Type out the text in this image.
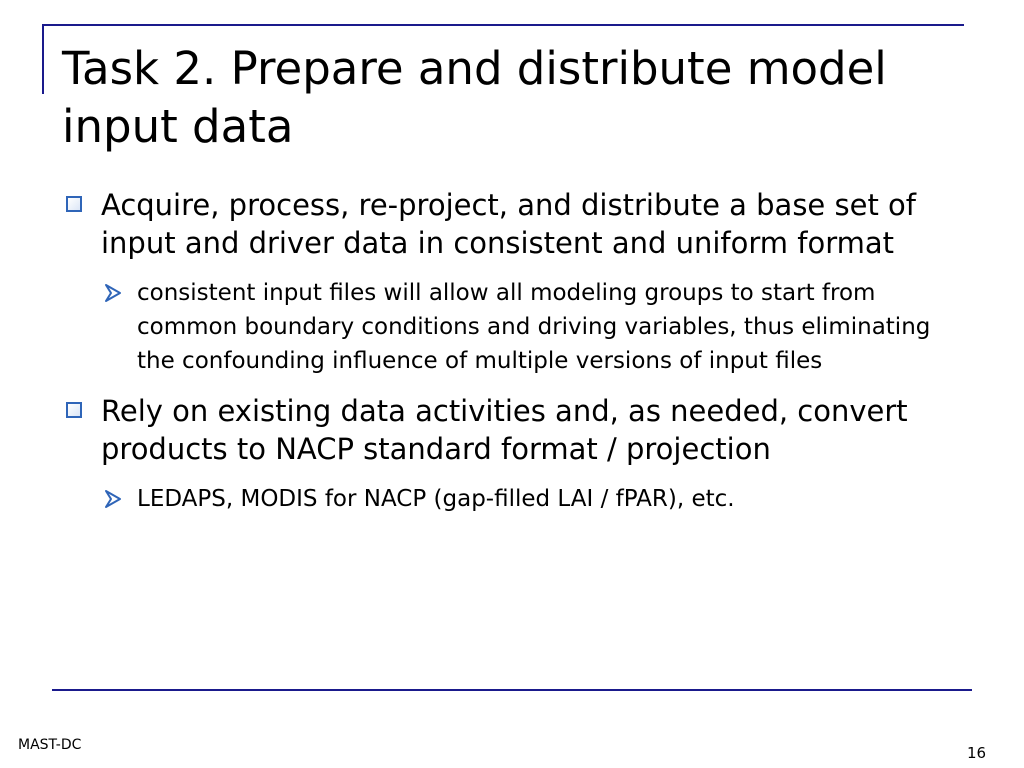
Task 2. Prepare and distribute model input data
Acquire, process, re-project, and distribute a base set of input and driver data in consistent and uniform format
consistent input files will allow all modeling groups to start from common boundary conditions and driving variables, thus eliminating the confounding influence of multiple versions of input files
Rely on existing data activities and, as needed, convert products to NACP standard format / projection
LEDAPS, MODIS for NACP (gap-filled LAI / fPAR), etc.
MAST-DC	16
